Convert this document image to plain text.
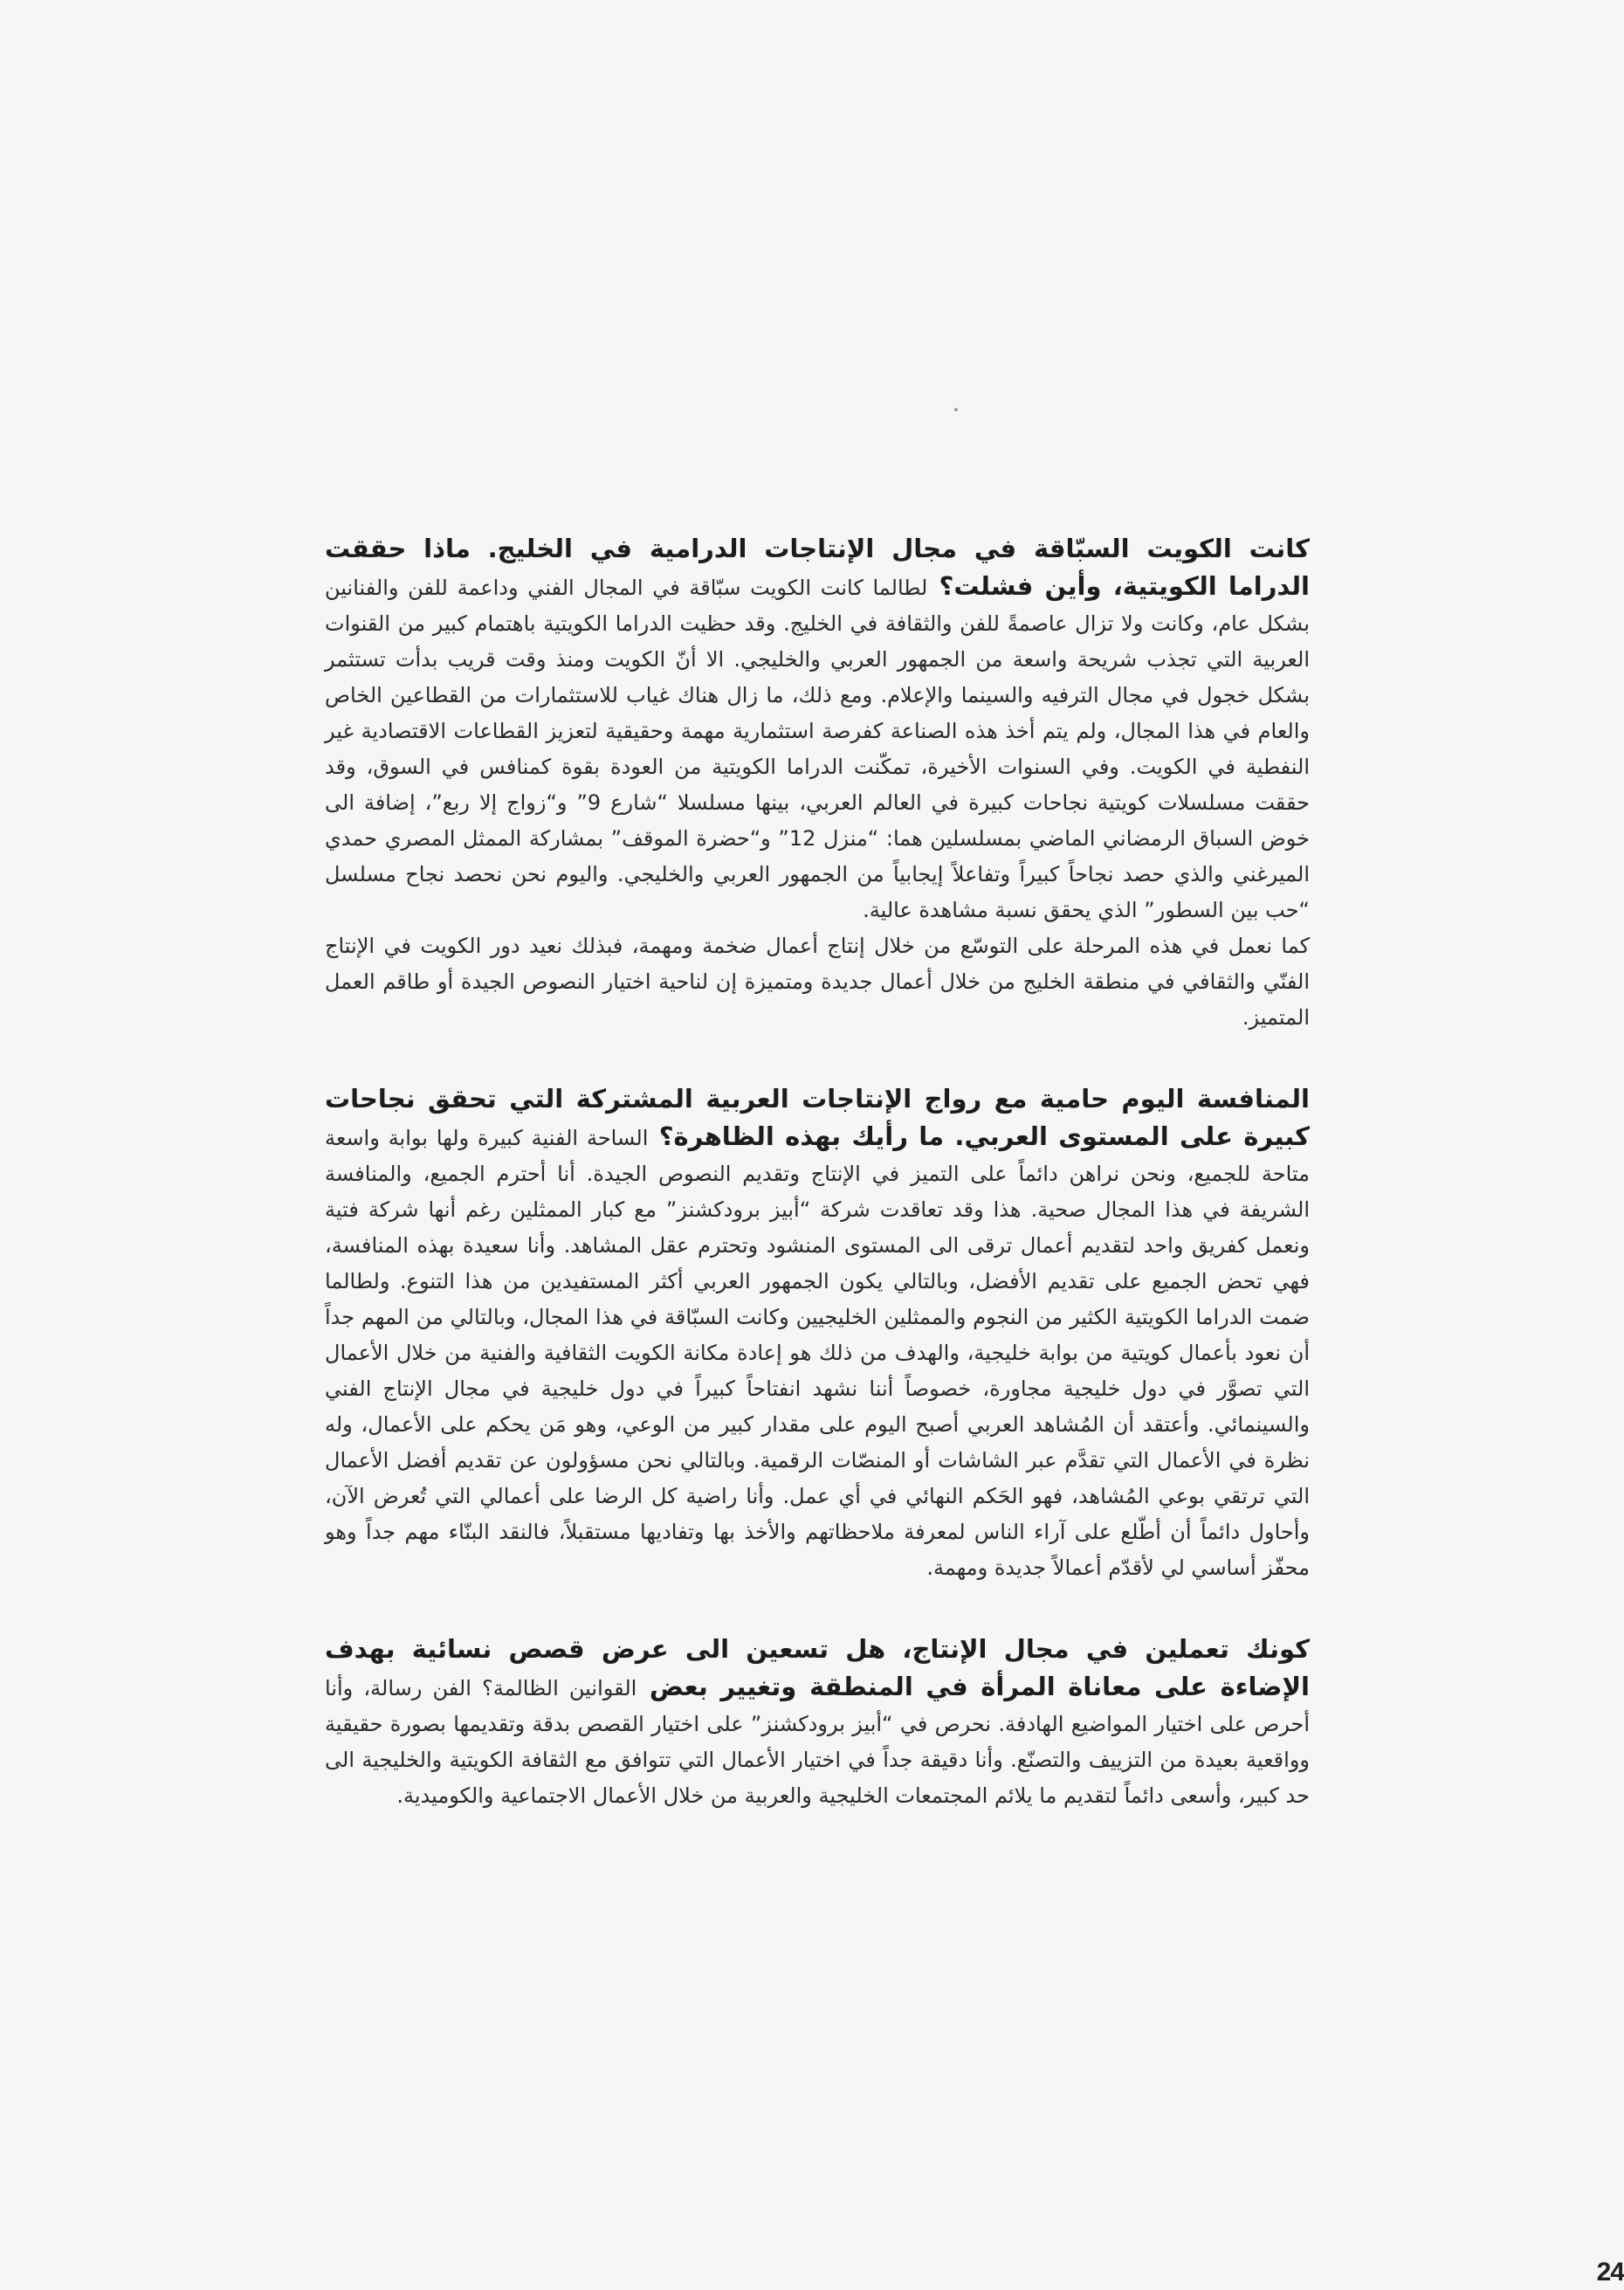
كانت الكويت السبّاقة في مجال الإنتاجات الدرامية في الخليج. ماذا حققت الدراما الكويتية، وأين فشلت؟ لطالما كانت الكويت سبّاقة في المجال الفني وداعمة للفن والفنانين بشكل عام، وكانت ولا تزال عاصمةً للفن والثقافة في الخليج. وقد حظيت الدراما الكويتية باهتمام كبير من القنوات العربية التي تجذب شريحة واسعة من الجمهور العربي والخليجي. الا أنّ الكويت ومنذ وقت قريب بدأت تستثمر بشكل خجول في مجال الترفيه والسينما والإعلام. ومع ذلك، ما زال هناك غياب للاستثمارات من القطاعين الخاص والعام في هذا المجال، ولم يتم أخذ هذه الصناعة كفرصة استثمارية مهمة وحقيقية لتعزيز القطاعات الاقتصادية غير النفطية في الكويت. وفي السنوات الأخيرة، تمكّنت الدراما الكويتية من العودة بقوة كمنافس في السوق، وقد حققت مسلسلات كويتية نجاحات كبيرة في العالم العربي، بينها مسلسلا “شارع 9” و“زواج إلا ربع”، إضافة الى خوض السباق الرمضاني الماضي بمسلسلين هما: “منزل 12” و“حضرة الموقف” بمشاركة الممثل المصري حمدي الميرغني والذي حصد نجاحاً كبيراً وتفاعلاً إيجابياً من الجمهور العربي والخليجي. واليوم نحن نحصد نجاح مسلسل “حب بين السطور” الذي يحقق نسبة مشاهدة عالية.

كما نعمل في هذه المرحلة على التوسّع من خلال إنتاج أعمال ضخمة ومهمة، فبذلك نعيد دور الكويت في الإنتاج الفنّي والثقافي في منطقة الخليج من خلال أعمال جديدة ومتميزة إن لناحية اختيار النصوص الجيدة أو طاقم العمل المتميز.

المنافسة اليوم حامية مع رواج الإنتاجات العربية المشتركة التي تحقق نجاحات كبيرة على المستوى العربي. ما رأيك بهذه الظاهرة؟ الساحة الفنية كبيرة ولها بوابة واسعة متاحة للجميع، ونحن نراهن دائماً على التميز في الإنتاج وتقديم النصوص الجيدة. أنا أحترم الجميع، والمنافسة الشريفة في هذا المجال صحية. هذا وقد تعاقدت شركة “أبيز برودكشنز” مع كبار الممثلين رغم أنها شركة فتية ونعمل كفريق واحد لتقديم أعمال ترقى الى المستوى المنشود وتحترم عقل المشاهد. وأنا سعيدة بهذه المنافسة، فهي تحض الجميع على تقديم الأفضل، وبالتالي يكون الجمهور العربي أكثر المستفيدين من هذا التنوع. ولطالما ضمت الدراما الكويتية الكثير من النجوم والممثلين الخليجيين وكانت السبّاقة في هذا المجال، وبالتالي من المهم جداً أن نعود بأعمال كويتية من بوابة خليجية، والهدف من ذلك هو إعادة مكانة الكويت الثقافية والفنية من خلال الأعمال التي تصوَّر في دول خليجية مجاورة، خصوصاً أننا نشهد انفتاحاً كبيراً في دول خليجية في مجال الإنتاج الفني والسينمائي. وأعتقد أن المُشاهد العربي أصبح اليوم على مقدار كبير من الوعي، وهو مَن يحكم على الأعمال، وله نظرة في الأعمال التي تقدَّم عبر الشاشات أو المنصّات الرقمية. وبالتالي نحن مسؤولون عن تقديم أفضل الأعمال التي ترتقي بوعي المُشاهد، فهو الحَكم النهائي في أي عمل. وأنا راضية كل الرضا على أعمالي التي تُعرض الآن، وأحاول دائماً أن أطّلع على آراء الناس لمعرفة ملاحظاتهم والأخذ بها وتفاديها مستقبلاً، فالنقد البنّاء مهم جداً وهو محفّز أساسي لي لأقدّم أعمالاً جديدة ومهمة.

كونك تعملين في مجال الإنتاج، هل تسعين الى عرض قصص نسائية بهدف الإضاءة على معاناة المرأة في المنطقة وتغيير بعض القوانين الظالمة؟ الفن رسالة، وأنا أحرص على اختيار المواضيع الهادفة. نحرص في “أبيز برودكشنز” على اختيار القصص بدقة وتقديمها بصورة حقيقية وواقعية بعيدة من التزييف والتصنّع. وأنا دقيقة جداً في اختيار الأعمال التي تتوافق مع الثقافة الكويتية والخليجية الى حد كبير، وأسعى دائماً لتقديم ما يلائم المجتمعات الخليجية والعربية من خلال الأعمال الاجتماعية والكوميدية.

24
